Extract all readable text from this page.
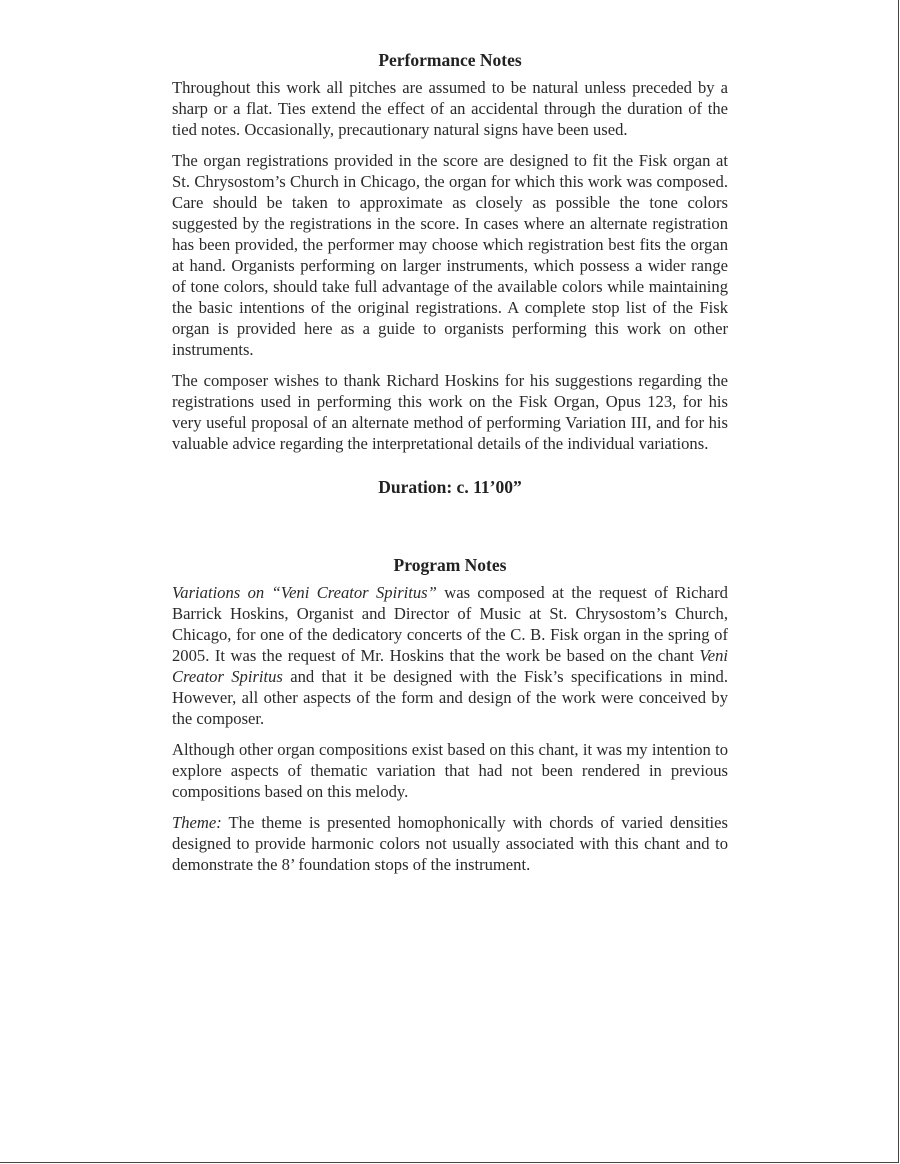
Performance Notes

Throughout this work all pitches are assumed to be natural unless preceded by a sharp or a flat. Ties extend the effect of an accidental through the duration of the tied notes. Occasionally, precautionary natural signs have been used.

The organ registrations provided in the score are designed to fit the Fisk organ at St. Chrysostom’s Church in Chicago, the organ for which this work was composed. Care should be taken to approximate as closely as possible the tone colors suggested by the registrations in the score. In cases where an alternate registration has been provided, the performer may choose which registration best fits the organ at hand. Organists performing on larger instruments, which possess a wider range of tone colors, should take full advantage of the available colors while maintaining the basic intentions of the original registrations. A complete stop list of the Fisk organ is provided here as a guide to organists performing this work on other instruments.

The composer wishes to thank Richard Hoskins for his suggestions regarding the registrations used in performing this work on the Fisk Organ, Opus 123, for his very useful proposal of an alternate method of performing Variation III, and for his valuable advice regarding the interpretational details of the individual variations.

Duration: c. 11’00”
Program Notes

Variations on “Veni Creator Spiritus” was composed at the request of Richard Barrick Hoskins, Organist and Director of Music at St. Chrysostom’s Church, Chicago, for one of the dedicatory concerts of the C. B. Fisk organ in the spring of 2005. It was the request of Mr. Hoskins that the work be based on the chant Veni Creator Spiritus and that it be designed with the Fisk’s specifications in mind. However, all other aspects of the form and design of the work were conceived by the composer.

Although other organ compositions exist based on this chant, it was my intention to explore aspects of thematic variation that had not been rendered in previous compositions based on this melody.

Theme: The theme is presented homophonically with chords of varied densities designed to provide harmonic colors not usually associated with this chant and to demonstrate the 8’ foundation stops of the instrument.
